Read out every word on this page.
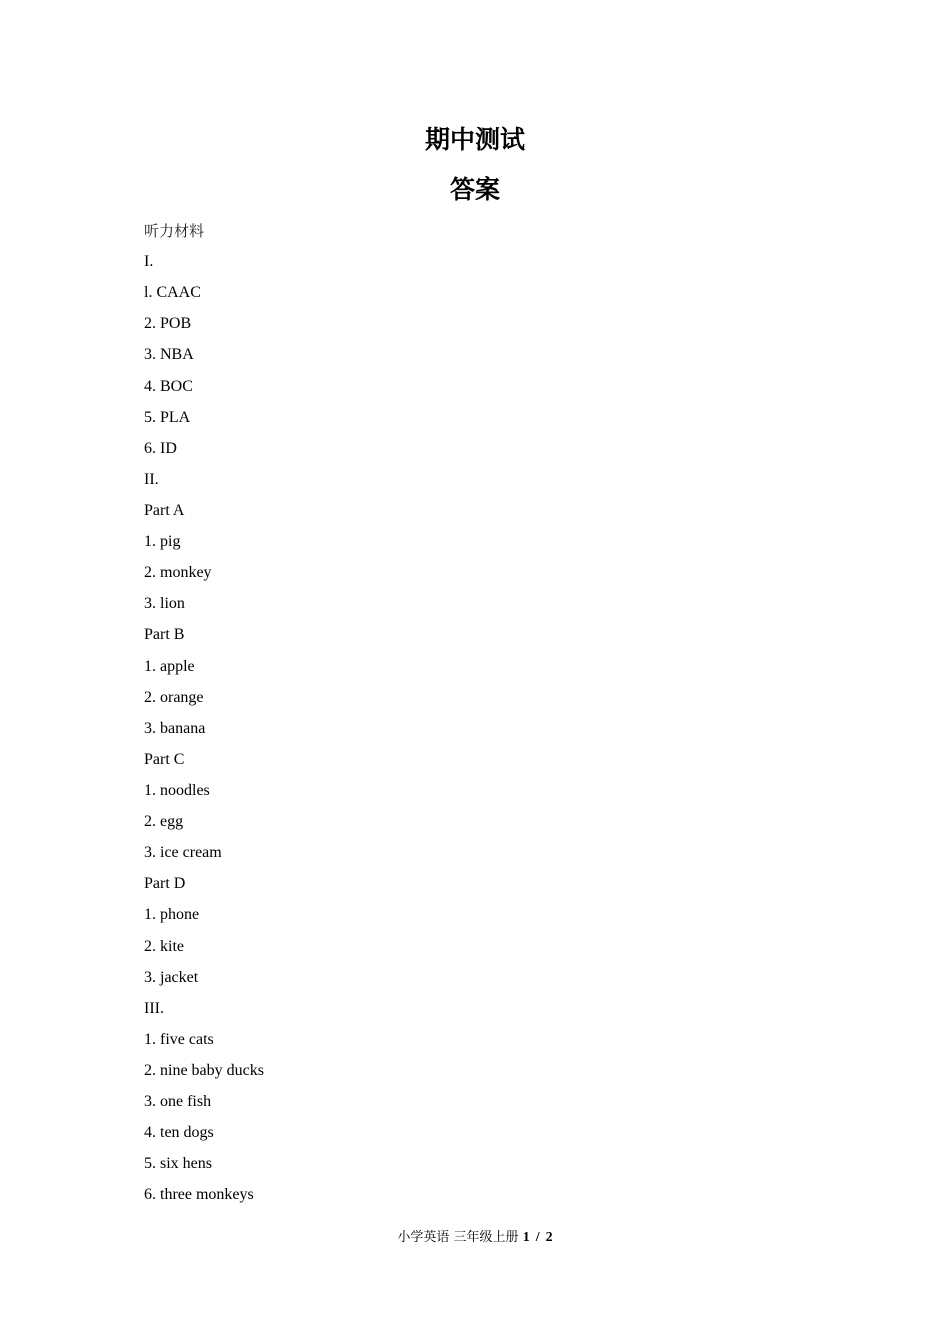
期中测试
答案
听力材料
I.
l. CAAC
2. POB
3. NBA
4. BOC
5. PLA
6. ID
II.
Part A
1. pig
2. monkey
3. lion
Part B
1. apple
2. orange
3. banana
Part C
1. noodles
2. egg
3. ice cream
Part D
1. phone
2. kite
3. jacket
III.
1. five cats
2. nine baby ducks
3. one fish
4. ten dogs
5. six hens
6. three monkeys
小学英语 三年级上册 1 / 2
